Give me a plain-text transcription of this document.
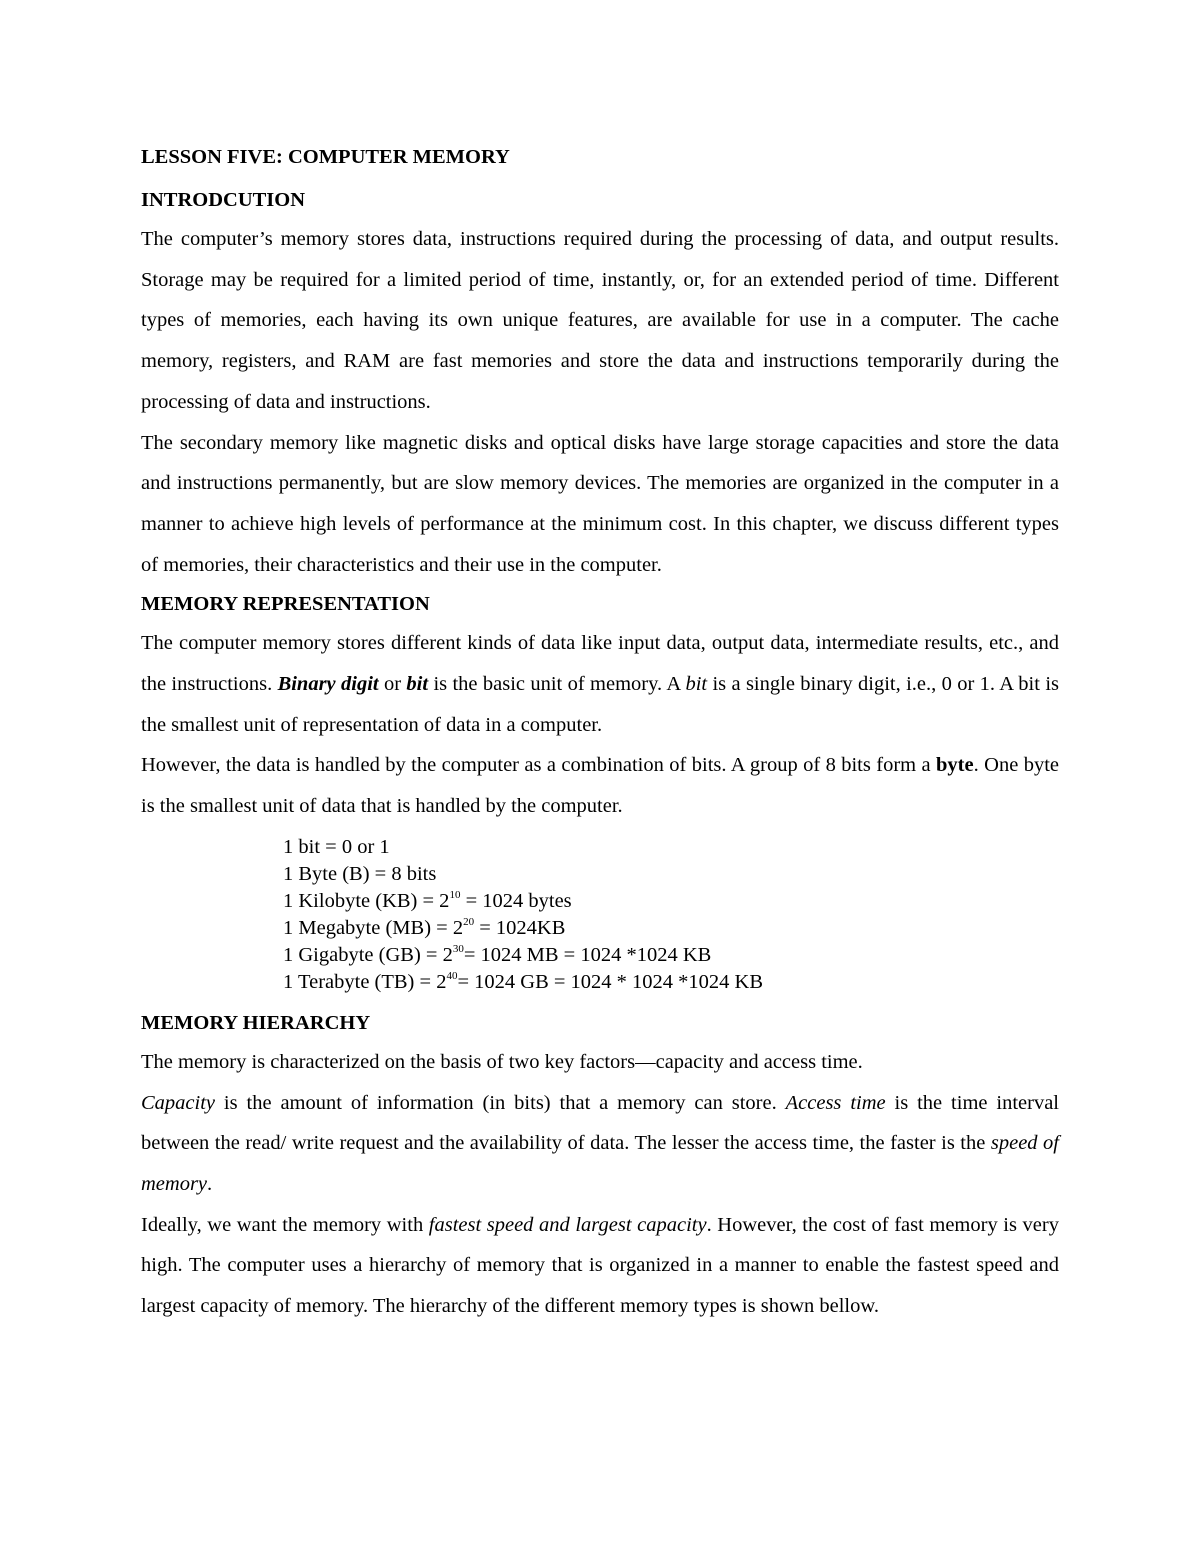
LESSON FIVE: COMPUTER MEMORY
INTRODCUTION

The computer’s memory stores data, instructions required during the processing of data, and output results. Storage may be required for a limited period of time, instantly, or, for an extended period of time. Different types of memories, each having its own unique features, are available for use in a computer. The cache memory, registers, and RAM are fast memories and store the data and instructions temporarily during the processing of data and instructions.

The secondary memory like magnetic disks and optical disks have large storage capacities and store the data and instructions permanently, but are slow memory devices. The memories are organized in the computer in a manner to achieve high levels of performance at the minimum cost. In this chapter, we discuss different types of memories, their characteristics and their use in the computer.

MEMORY REPRESENTATION

The computer memory stores different kinds of data like input data, output data, intermediate results, etc., and the instructions. Binary digit or bit is the basic unit of memory. A bit is a single binary digit, i.e., 0 or 1. A bit is the smallest unit of representation of data in a computer.

However, the data is handled by the computer as a combination of bits. A group of 8 bits form a byte. One byte is the smallest unit of data that is handled by the computer.

1 bit = 0 or 1
1 Byte (B) = 8 bits
1 Kilobyte $(KB) = 2^{10} = 1024$ bytes
1 Megabyte $(MB) = 2^{20} = 1024KB$
1 Gigabyte $(GB) = 2^{30}= 1024$ MB = 1024 *1024 KB
1 Terabyte $(TB) = 2^{40}= 1024$ GB = 1024 * 1024 *1024 KB
MEMORY HIERARCHY

The memory is characterized on the basis of two key factors—capacity and access time.

Capacity is the amount of information (in bits) that a memory can store. Access time is the time interval between the read/ write request and the availability of data. The lesser the access time, the faster is the speed of memory.

Ideally, we want the memory with fastest speed and largest capacity. However, the cost of fast memory is very high. The computer uses a hierarchy of memory that is organized in a manner to enable the fastest speed and largest capacity of memory. The hierarchy of the different memory types is shown bellow.
